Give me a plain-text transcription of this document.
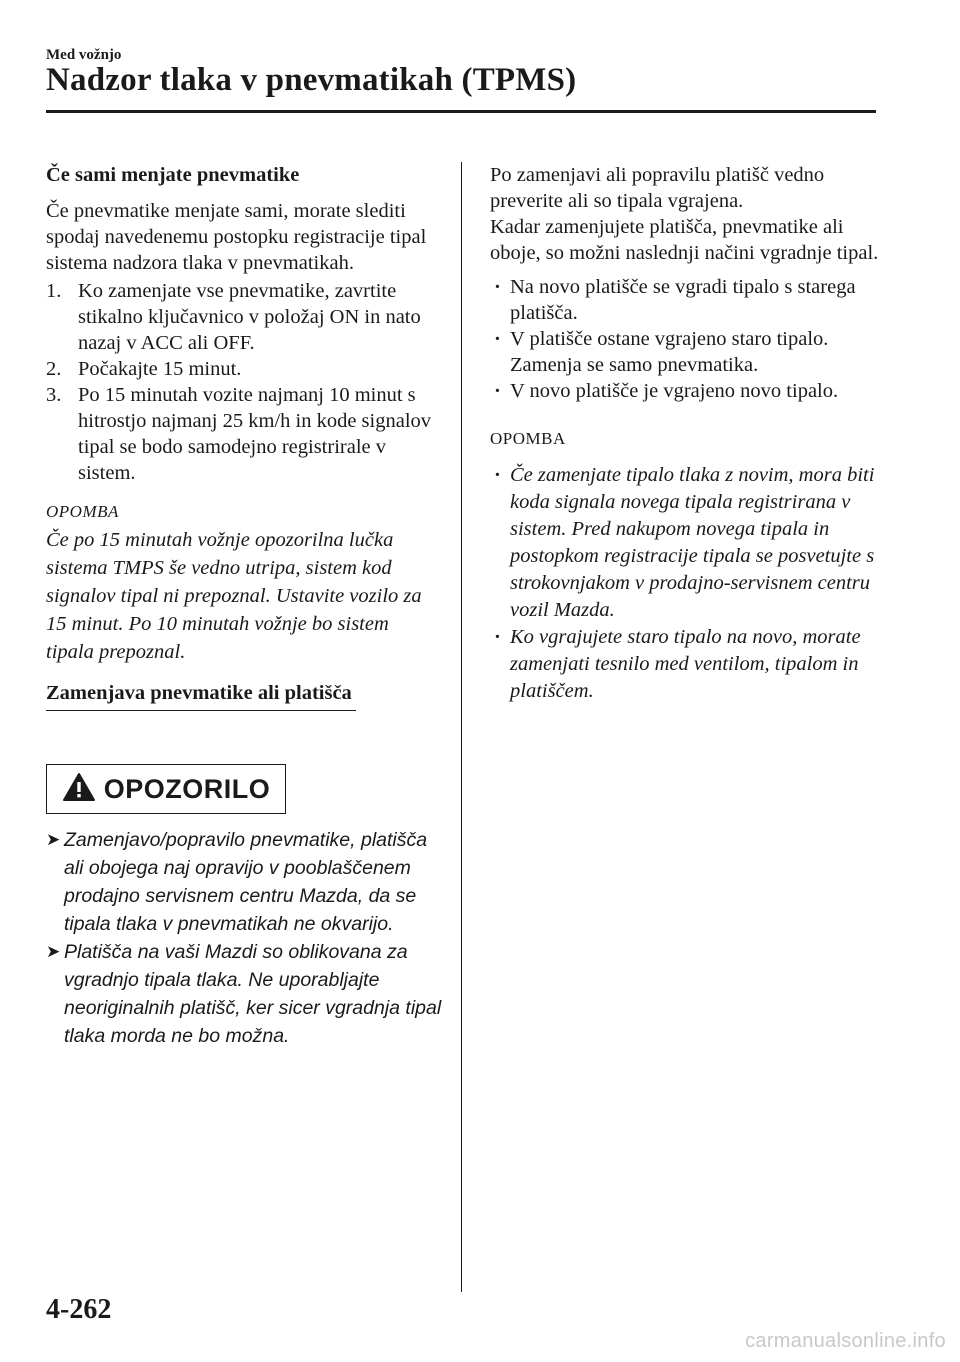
Med vožnjo
Nadzor tlaka v pnevmatikah (TPMS)
Če sami menjate pnevmatike

Če pnevmatike menjate sami, morate slediti spodaj navedenemu postopku registracije tipal sistema nadzora tlaka v pnevmatikah.

1. Ko zamenjate vse pnevmatike, zavrtite stikalno ključavnico v položaj ON in nato nazaj v ACC ali OFF.
2. Počakajte 15 minut.
3. Po 15 minutah vozite najmanj 10 minut s hitrostjo najmanj 25 km/h in kode signalov tipal se bodo samodejno registrirale v sistem.
OPOMBA
Če po 15 minutah vožnje opozorilna lučka sistema TMPS še vedno utripa, sistem kod signalov tipal ni prepoznal. Ustavite vozilo za 15 minut. Po 10 minutah vožnje bo sistem tipala prepoznal.
Zamenjava pnevmatike ali platišča
OPOZORILO
➤ Zamenjavo/popravilo pnevmatike, platišča ali obojega naj opravijo v pooblaščenem prodajno servisnem centru Mazda, da se tipala tlaka v pnevmatikah ne okvarijo.
➤ Platišča na vaši Mazdi so oblikovana za vgradnjo tipala tlaka. Ne uporabljajte neoriginalnih platišč, ker sicer vgradnja tipal tlaka morda ne bo možna.

Po zamenjavi ali popravilu platišč vedno preverite ali so tipala vgrajena.

Kadar zamenjujete platišča, pnevmatike ali oboje, so možni naslednji načini vgradnje tipal.

· Na novo platišče se vgradi tipalo s starega platišča.
· V platišče ostane vgrajeno staro tipalo. Zamenja se samo pnevmatika.
· V novo platišče je vgrajeno novo tipalo.
OPOMBA
· Če zamenjate tipalo tlaka z novim, mora biti koda signala novega tipala registrirana v sistem. Pred nakupom novega tipala in postopkom registracije tipala se posvetujte s strokovnjakom v prodajno-servisnem centru vozil Mazda.
· Ko vgrajujete staro tipalo na novo, morate zamenjati tesnilo med ventilom, tipalom in platiščem.
4-262
carmanualsonline.info
